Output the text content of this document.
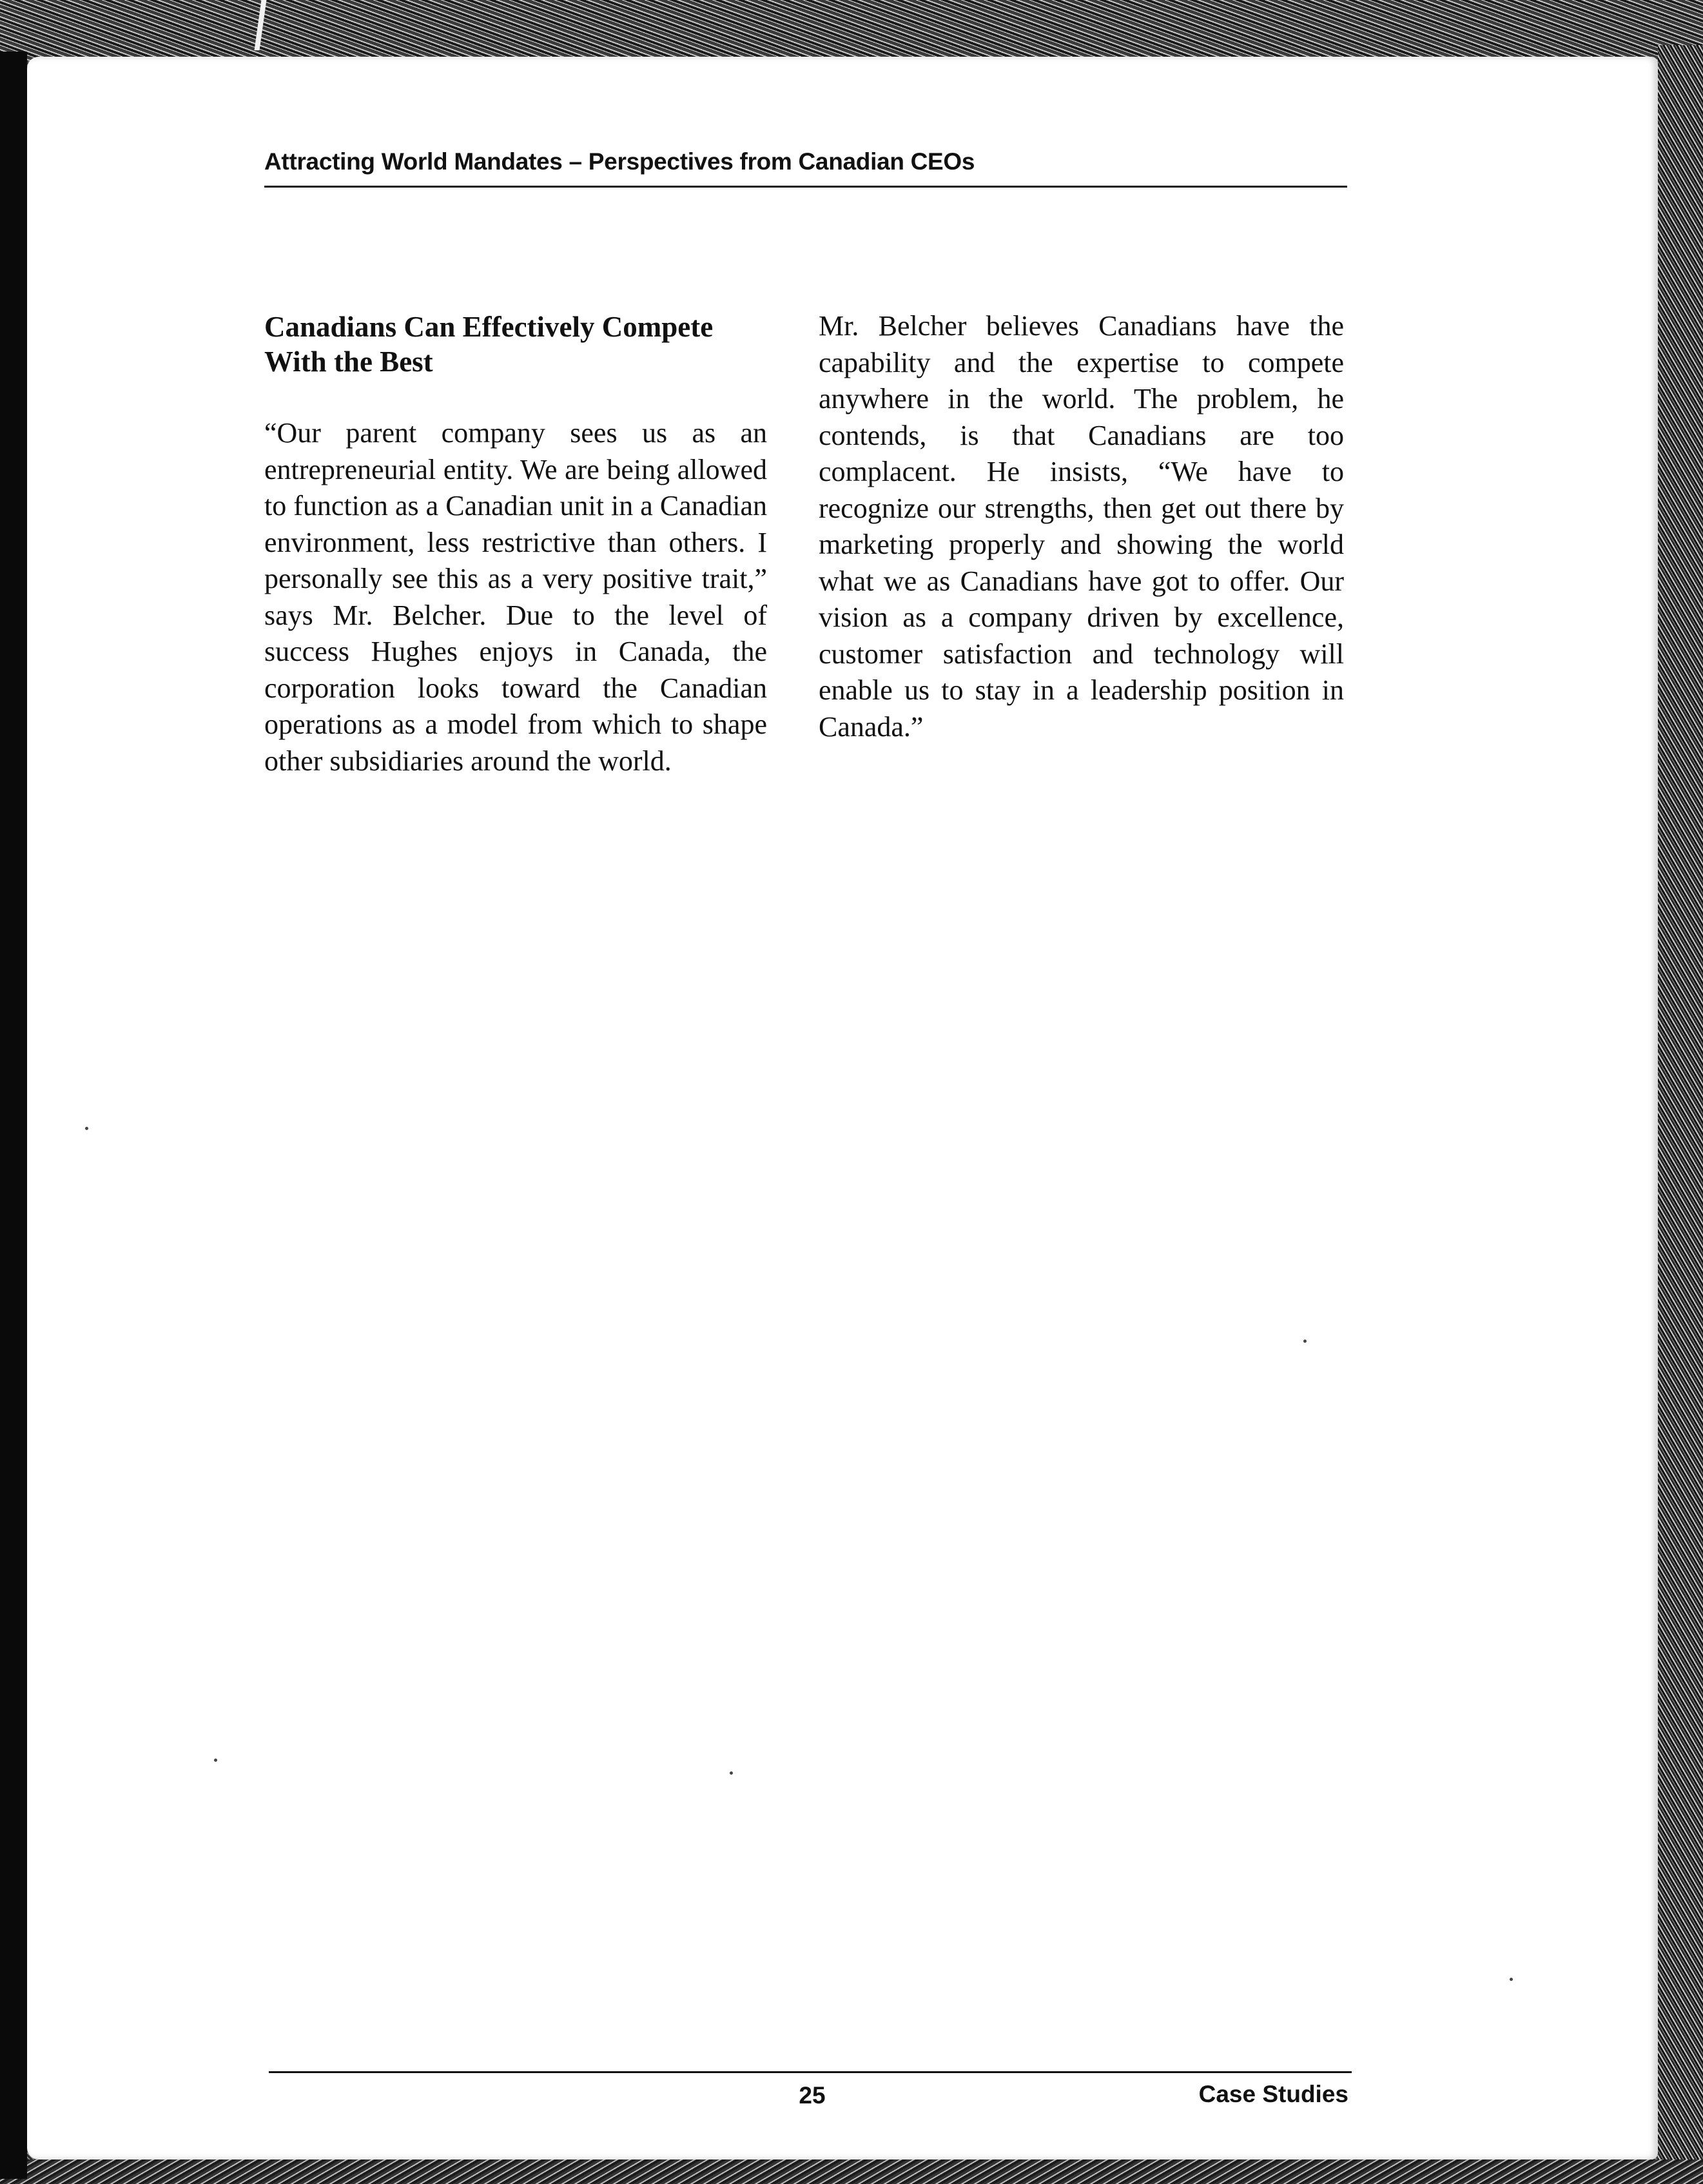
Attracting World Mandates – Perspectives from Canadian CEOs
Canadians Can Effectively Compete With the Best

“Our parent company sees us as an entrepreneurial entity. We are being allowed to function as a Canadian unit in a Canadian environment, less restrictive than others. I personally see this as a very positive trait,” says Mr. Belcher. Due to the level of success Hughes enjoys in Canada, the corporation looks toward the Canadian operations as a model from which to shape other subsidiaries around the world.

Mr. Belcher believes Canadians have the capability and the expertise to compete anywhere in the world. The problem, he contends, is that Canadians are too complacent. He insists, “We have to recognize our strengths, then get out there by marketing properly and showing the world what we as Canadians have got to offer. Our vision as a company driven by excellence, customer satisfaction and technology will enable us to stay in a leadership position in Canada.”

25	Case Studies
